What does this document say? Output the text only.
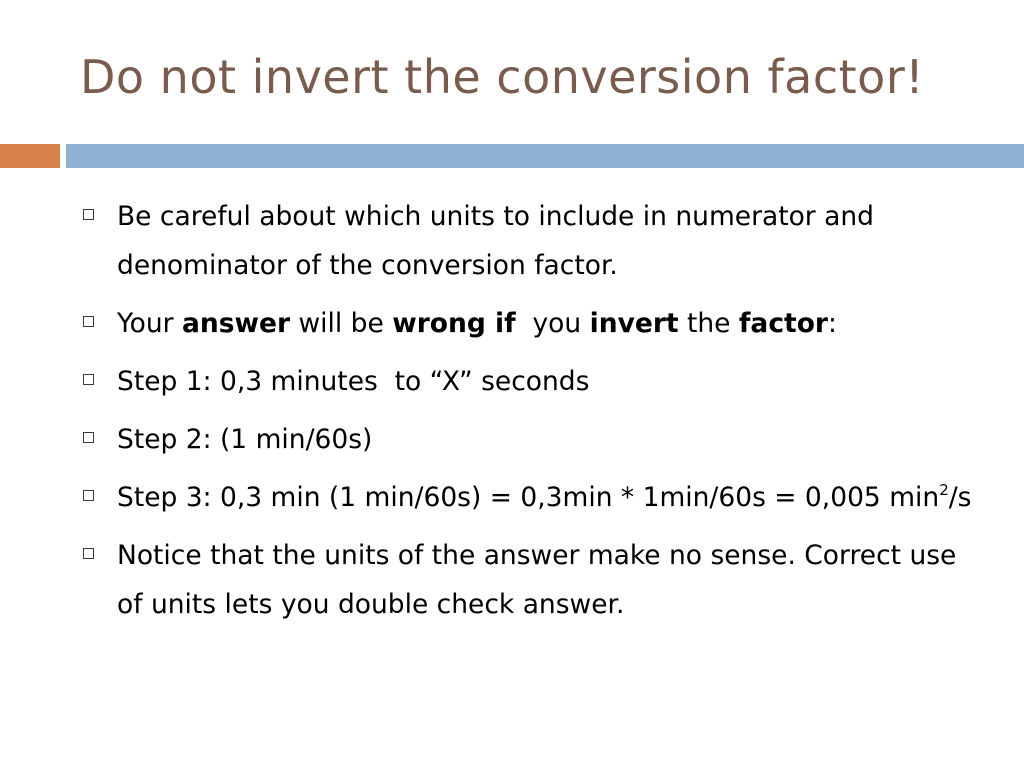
Do not invert the conversion factor!
Be careful about which units to include in numerator and denominator of the conversion factor.
Your answer will be wrong if  you invert the factor:
Step 1: 0,3 minutes  to “X” seconds
Step 2: (1 min/60s)
Step 3: 0,3 min (1 min/60s) = 0,3min * 1min/60s = 0,005 $\min^2/s$
Notice that the units of the answer make no sense. Correct use of units lets you double check answer.
